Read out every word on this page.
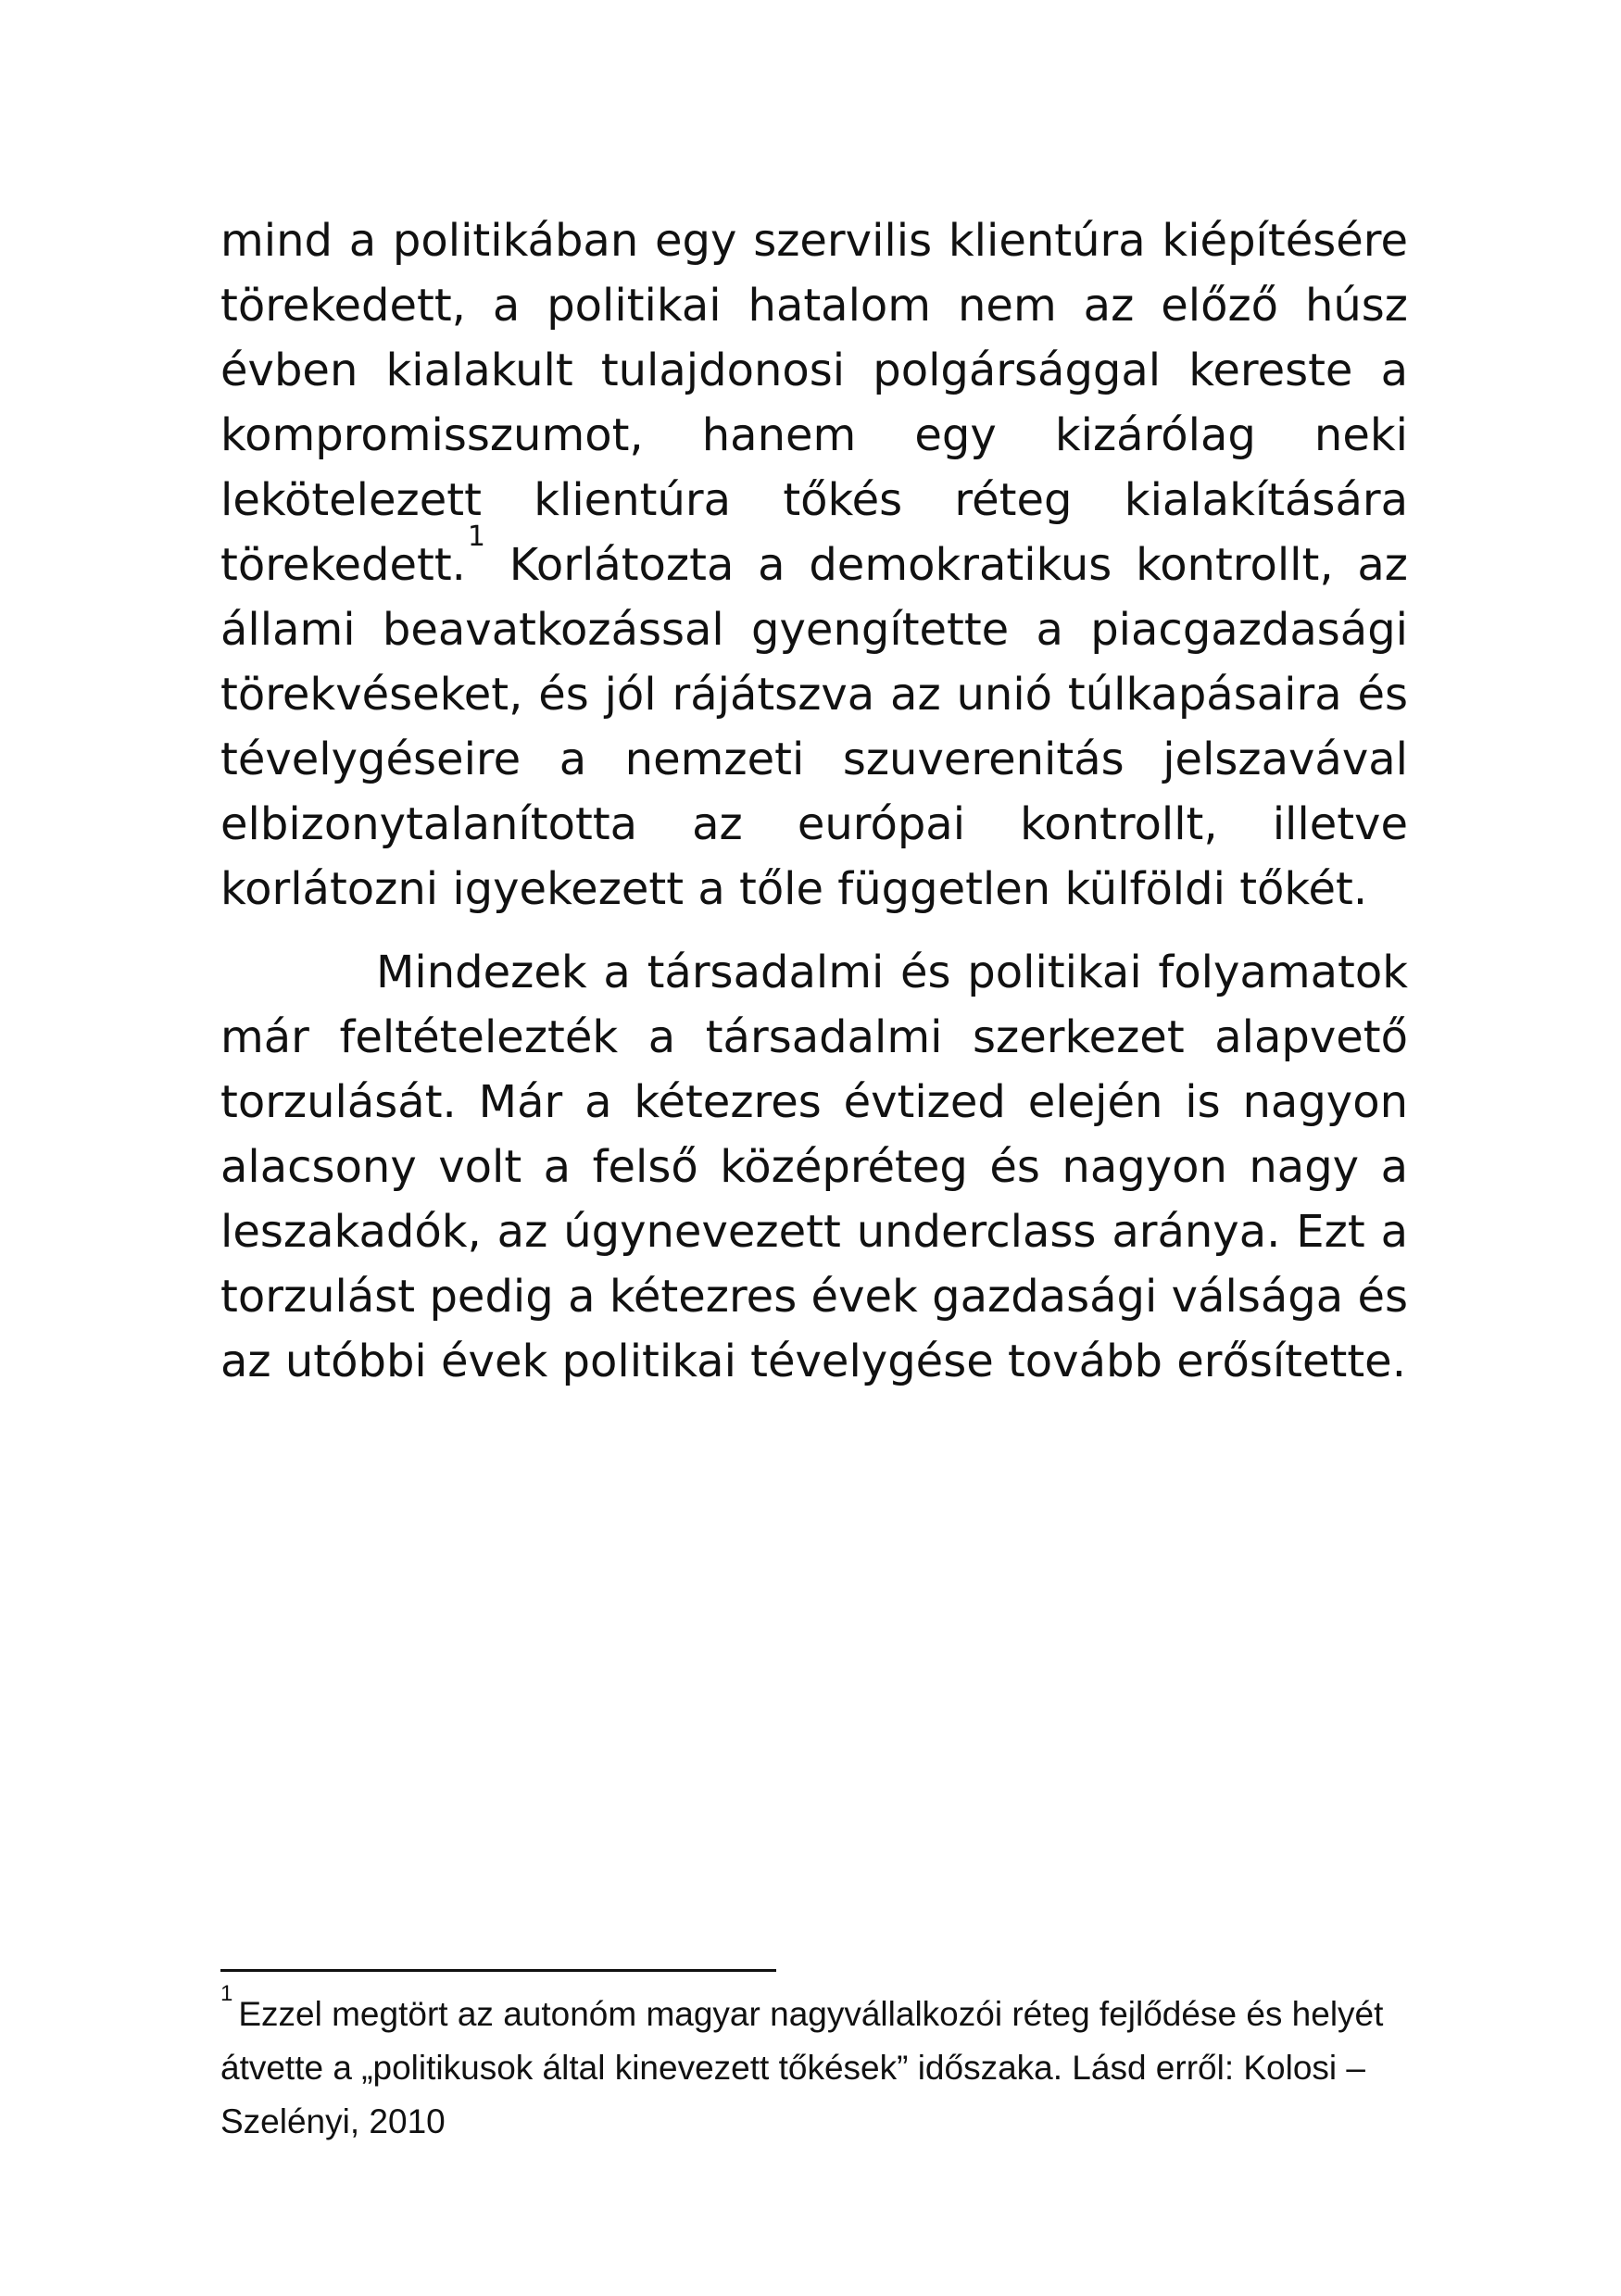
mind a politikában egy szervilis klientúra kiépítésére törekedett, a politikai hatalom nem az előző húsz évben kialakult tulajdonosi polgársággal kereste a kompromisszumot, hanem egy kizárólag neki lekötelezett klientúra tőkés réteg kialakítására törekedett.$^1$ Korlátozta a demokratikus kontrollt, az állami beavatkozással gyengítette a piacgazdasági törekvéseket, és jól rájátszva az unió túlkapásaira és tévelygéseire a nemzeti szuverenitás jelszavával elbizonytalanította az európai kontrollt, illetve korlátozni igyekezett a tőle független külföldi tőkét.

Mindezek a társadalmi és politikai folyamatok már feltételezték a társadalmi szerkezet alapvető torzulását. Már a kétezres évtized elején is nagyon alacsony volt a felső középréteg és nagyon nagy a leszakadók, az úgynevezett underclass aránya. Ezt a torzulást pedig a kétezres évek gazdasági válsága és az utóbbi évek politikai tévelygése tovább erősítette.

$^1$Ezzel megtört az autonóm magyar nagyvállalkozói réteg fejlődése és helyét átvette a „politikusok által kinevezett tőkések” időszaka. Lásd erről: Kolosi – Szelényi, 2010
